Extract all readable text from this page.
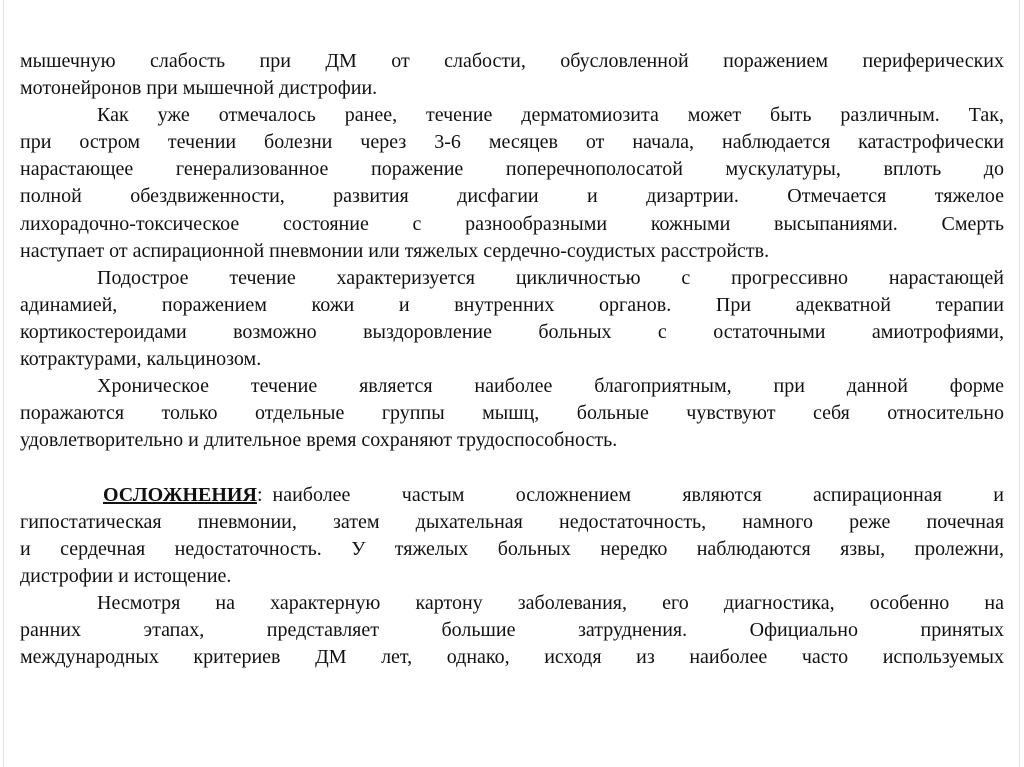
мышечную слабость при ДМ от слабости, обусловленной поражением периферических
мотонейронов при мышечной дистрофии.
Как уже отмечалось ранее, течение дерматомиозита может быть различным. Так,
при остром течении болезни через 3-6 месяцев от начала, наблюдается катастрофически
нарастающее генерализованное поражение поперечнополосатой мускулатуры, вплоть до
полной обездвиженности, развития дисфагии и дизартрии. Отмечается тяжелое
лихорадочно-токсическое состояние с разнообразными кожными высыпаниями. Смерть
наступает от аспирационной пневмонии или тяжелых сердечно-соудистых расстройств.
Подострое течение характеризуется цикличностью с прогрессивно нарастающей
адинамией, поражением кожи и внутренних органов. При адекватной терапии
кортикостероидами возможно выздоровление больных с остаточными амиотрофиями,
котрактурами, кальцинозом.
Хроническое течение является наиболее благоприятным, при данной форме
поражаются только отдельные группы мышц, больные чувствуют себя относительно
удовлетворительно и длительное время сохраняют трудоспособность.
ОСЛОЖНЕНИЯ: наиболее частым осложнением являются аспирационная и
гипостатическая пневмонии, затем дыхательная недостаточность, намного реже почечная
и сердечная недостаточность. У тяжелых больных нередко наблюдаются язвы, пролежни,
дистрофии и истощение.
Несмотря на характерную картону заболевания, его диагностика, особенно на
ранних этапах, представляет большие затруднения. Официально принятых
международных критериев ДМ лет, однако, исходя из наиболее часто используемых
